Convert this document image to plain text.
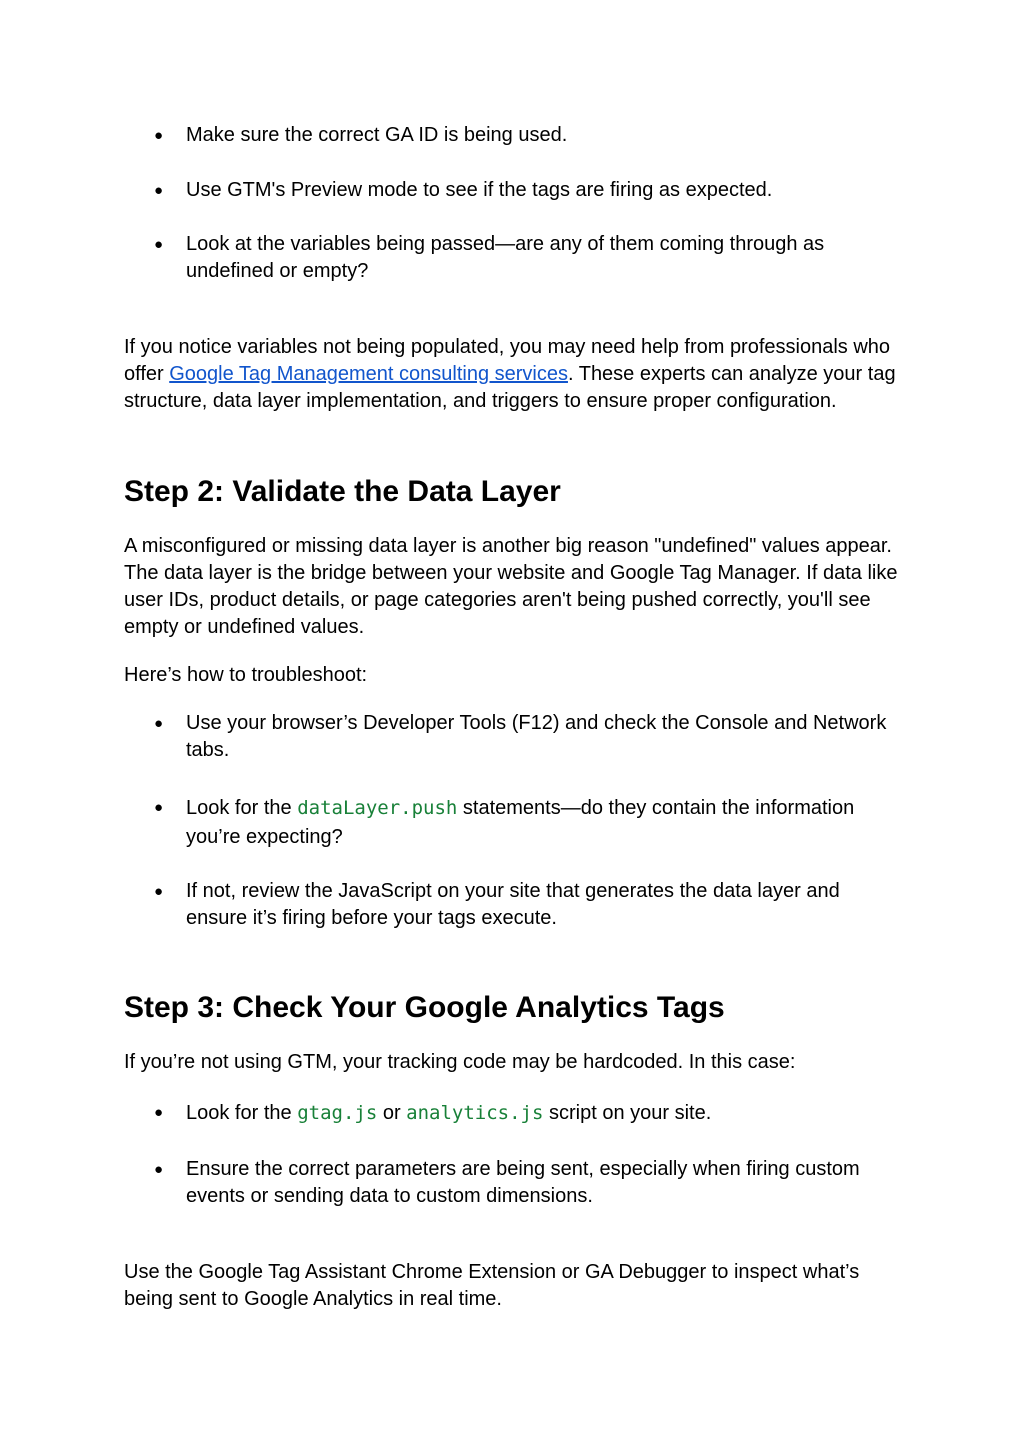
● Make sure the correct GA ID is being used.
● Use GTM's Preview mode to see if the tags are firing as expected.
● Look at the variables being passed—are any of them coming through as undefined or empty?

If you notice variables not being populated, you may need help from professionals who offer Google Tag Management consulting services. These experts can analyze your tag structure, data layer implementation, and triggers to ensure proper configuration.

Step 2: Validate the Data Layer

A misconfigured or missing data layer is another big reason "undefined" values appear. The data layer is the bridge between your website and Google Tag Manager. If data like user IDs, product details, or page categories aren't being pushed correctly, you'll see empty or undefined values.

Here’s how to troubleshoot:

● Use your browser’s Developer Tools (F12) and check the Console and Network tabs.
● Look for the dataLayer.push statements—do they contain the information you’re expecting?
● If not, review the JavaScript on your site that generates the data layer and ensure it’s firing before your tags execute.
Step 3: Check Your Google Analytics Tags

If you’re not using GTM, your tracking code may be hardcoded. In this case:

● Look for the gtag.js or analytics.js script on your site.
● Ensure the correct parameters are being sent, especially when firing custom events or sending data to custom dimensions.

Use the Google Tag Assistant Chrome Extension or GA Debugger to inspect what’s being sent to Google Analytics in real time.
